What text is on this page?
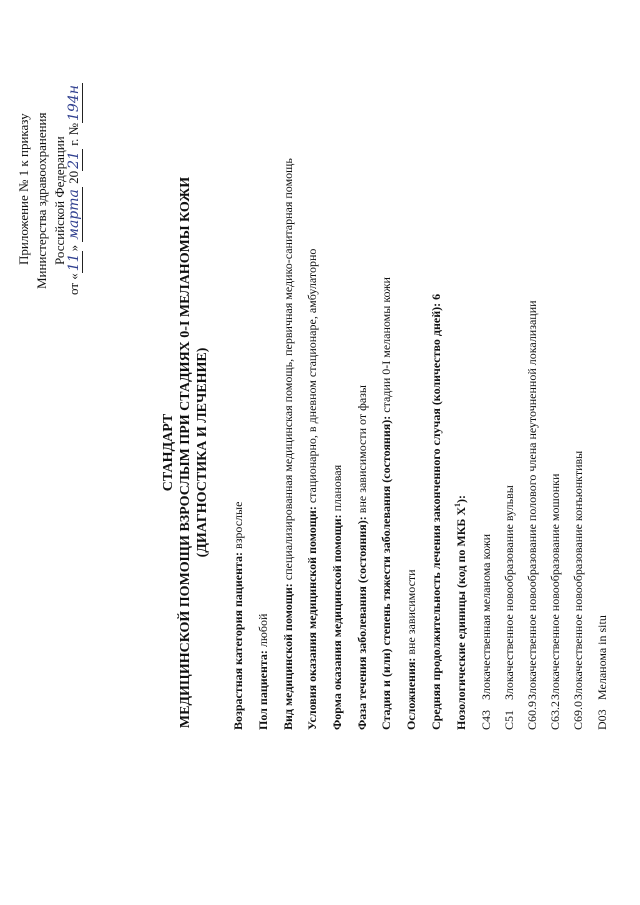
Приложение № 1 к приказу Министерства здравоохранения Российской Федерации
от «11» марта 2021 г. №194н
СТАНДАРТ МЕДИЦИНСКОЙ ПОМОЩИ ВЗРОСЛЫМ ПРИ СТАДИЯХ 0-I МЕЛАНОМЫ КОЖИ (ДИАГНОСТИКА И ЛЕЧЕНИЕ)
Возрастная категория пациента: взрослые
Пол пациента: любой Вид медицинской помощи: специализированная медицинская помощь, первичная медико-санитарная помощь
Условия оказания медицинской помощи: стационарно, в дневном стационаре, амбулаторно
Форма оказания медицинской помощи: плановая
Фаза течения заболевания (состояния): вне зависимости от фазы Стадия и (или) степень тяжести заболевания (состояния): стадии 0-I меланомы кожи
Осложнения: вне зависимости Средняя продолжительность лечения законченного случая (количество дней): 6
Нозологические единицы (код по МКБ $X^1$):
C43Злокачественная меланома кожи
C51Злокачественное новообразование вульвы
C60.9Злокачественное новообразование полового члена неуточненной локализации
C63.2Злокачественное новообразование мошонки
C69.0Злокачественное новообразование конъюнктивы
D03Меланома in situ
